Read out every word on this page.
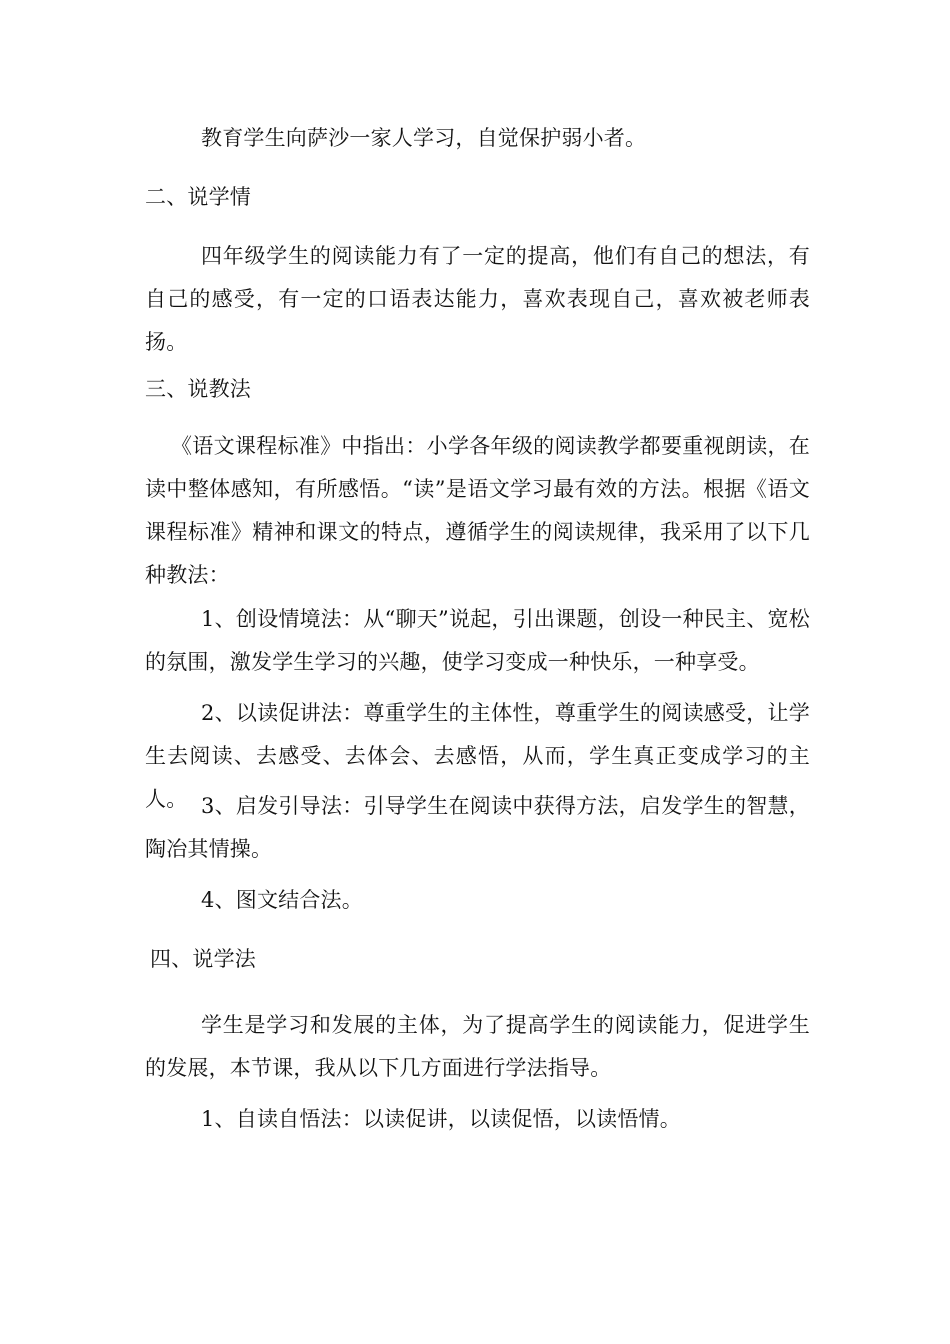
教育学生向萨沙一家人学习，自觉保护弱小者。

二、说学情

四年级学生的阅读能力有了一定的提高，他们有自己的想法，有自己的感受，有一定的口语表达能力，喜欢表现自己，喜欢被老师表扬。

三、说教法

《语文课程标准》中指出：小学各年级的阅读教学都要重视朗读，在读中整体感知，有所感悟。“读”是语文学习最有效的方法。根据《语文课程标准》精神和课文的特点，遵循学生的阅读规律，我采用了以下几种教法：

1、创设情境法：从“聊天”说起，引出课题，创设一种民主、宽松的氛围，激发学生学习的兴趣，使学习变成一种快乐，一种享受。

2、以读促讲法：尊重学生的主体性，尊重学生的阅读感受，让学生去阅读、去感受、去体会、去感悟，从而，学生真正变成学习的主人。 3、启发引导法：引导学生在阅读中获得方法，启发学生的智慧，陶冶其情操。

4、图文结合法。

四、说学法

学生是学习和发展的主体，为了提高学生的阅读能力，促进学生的发展，本节课，我从以下几方面进行学法指导。

1、自读自悟法：以读促讲，以读促悟，以读悟情。
